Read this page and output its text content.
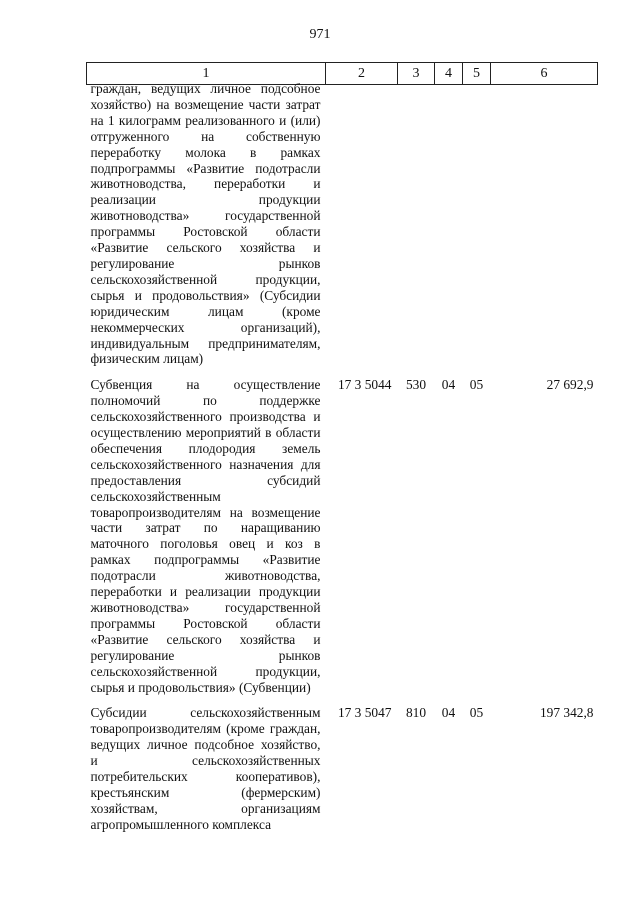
971
1	2	3	4	5	6

граждан, ведущих личное подсобное хозяйство) на возмещение части затрат на 1 килограмм реализованного и (или) отгруженного на собственную переработку молока в рамках подпрограммы «Развитие подотрасли животноводства, переработки и реализации продукции животноводства» государственной программы Ростовской области «Развитие сельского хозяйства и регулирование рынков сельскохозяйственной продукции, сырья и продовольствия» (Субсидии юридическим лицам (кроме некоммерческих организаций), индивидуальным предпринимателям, физическим лицам)					

Субвенция на осуществление полномочий по поддержке сельскохозяйственного производства и осуществлению мероприятий в области обеспечения плодородия земель сельскохозяйственного назначения для предоставления субсидий сельскохозяйственным товаропроизводителям на возмещение части затрат по наращиванию маточного поголовья овец и коз в рамках подпрограммы «Развитие подотрасли животноводства, переработки и реализации продукции животноводства» государственной программы Ростовской области «Развитие сельского хозяйства и регулирование рынков сельскохозяйственной продукции, сырья и продовольствия» (Субвенции)	17 3 5044	530	04	05	27 692,9
Субсидии сельскохозяйственным товаропроизводителям (кроме граждан, ведущих личное подсобное хозяйство, и сельскохозяйственных потребительских кооперативов), крестьянским (фермерским) хозяйствам, организациям агропромышленного комплекса	17 3 5047	810	04	05	197 342,8
